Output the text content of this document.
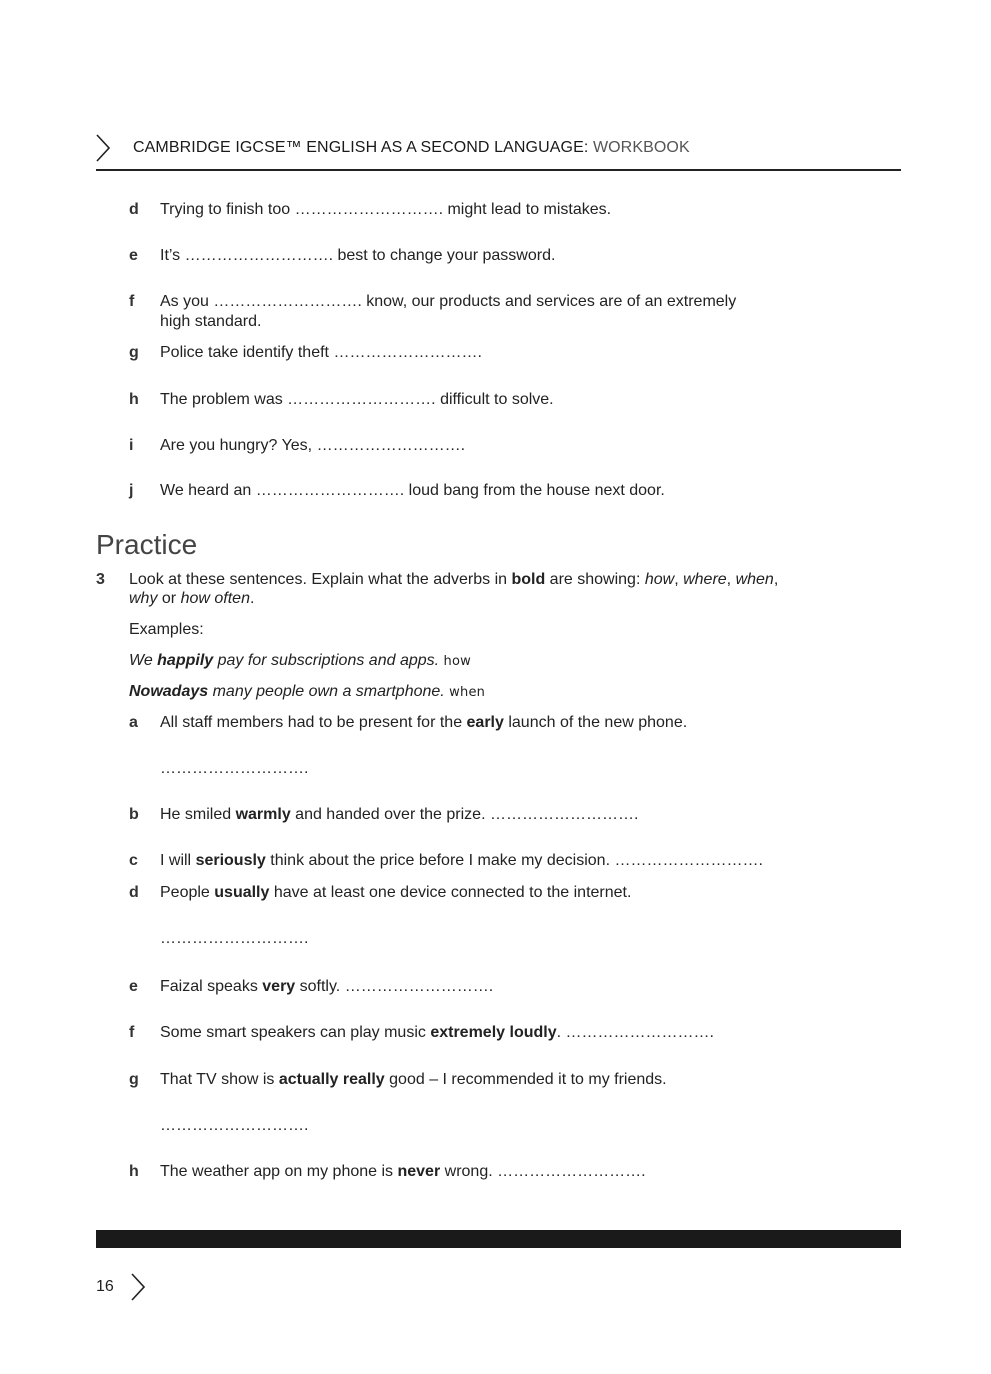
CAMBRIDGE IGCSE™ ENGLISH AS A SECOND LANGUAGE: WORKBOOK
d Trying to finish too ………………………. might lead to mistakes.
e It’s ………………………. best to change your password.
f As you ………………………. know, our products and services are of an extremely high standard.
g Police take identify theft ……………………….
h The problem was ………………………. difficult to solve.
i Are you hungry? Yes, ……………………….
j We heard an ………………………. loud bang from the house next door.
Practice
3 Look at these sentences. Explain what the adverbs in bold are showing: how, where, when, why or how often.
Examples:
We happily pay for subscriptions and apps. how
Nowadays many people own a smartphone. when
a All staff members had to be present for the early launch of the new phone.
……………………….
b He smiled warmly and handed over the prize. ……………………….
c I will seriously think about the price before I make my decision. ……………………….
d People usually have at least one device connected to the internet.
……………………….
e Faizal speaks very softly. ……………………….
f Some smart speakers can play music extremely loudly. ……………………….
g That TV show is actually really good – I recommended it to my friends.
……………………….
h The weather app on my phone is never wrong. ……………………….
16
